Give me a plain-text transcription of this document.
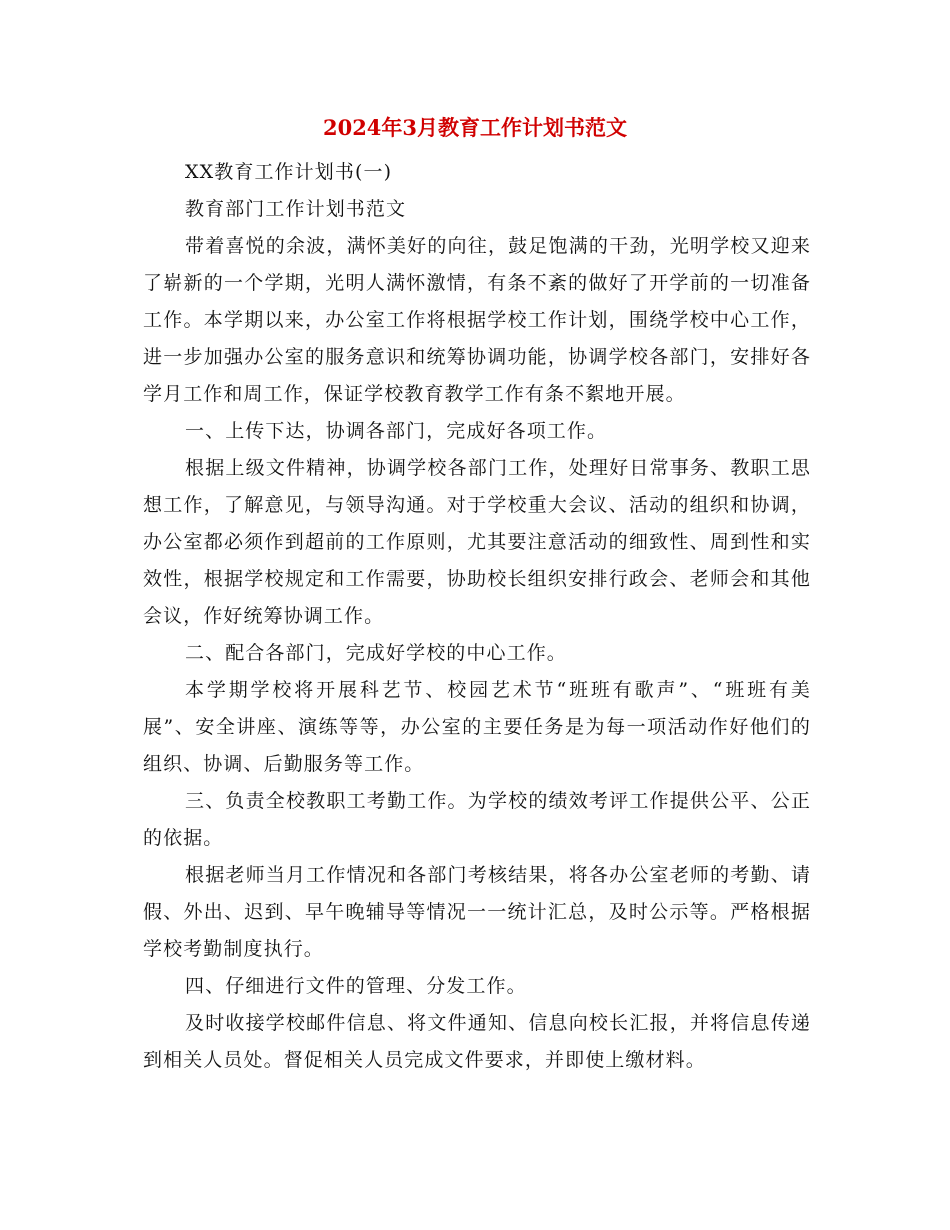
2024年3月教育工作计划书范文

XX教育工作计划书(一)

教育部门工作计划书范文

带着喜悦的余波，满怀美好的向往，鼓足饱满的干劲，光明学校又迎来了崭新的一个学期，光明人满怀激情，有条不紊的做好了开学前的一切准备工作。本学期以来，办公室工作将根据学校工作计划，围绕学校中心工作，进一步加强办公室的服务意识和统筹协调功能，协调学校各部门，安排好各学月工作和周工作，保证学校教育教学工作有条不絮地开展。

一、上传下达，协调各部门，完成好各项工作。

根据上级文件精神，协调学校各部门工作，处理好日常事务、教职工思想工作，了解意见，与领导沟通。对于学校重大会议、活动的组织和协调，办公室都必须作到超前的工作原则，尤其要注意活动的细致性、周到性和实效性，根据学校规定和工作需要，协助校长组织安排行政会、老师会和其他会议，作好统筹协调工作。

二、配合各部门，完成好学校的中心工作。

本学期学校将开展科艺节、校园艺术节“班班有歌声”、“班班有美展”、安全讲座、演练等等，办公室的主要任务是为每一项活动作好他们的组织、协调、后勤服务等工作。

三、负责全校教职工考勤工作。为学校的绩效考评工作提供公平、公正的依据。

根据老师当月工作情况和各部门考核结果，将各办公室老师的考勤、请假、外出、迟到、早午晚辅导等情况一一统计汇总，及时公示等。严格根据学校考勤制度执行。

四、仔细进行文件的管理、分发工作。

及时收接学校邮件信息、将文件通知、信息向校长汇报，并将信息传递到相关人员处。督促相关人员完成文件要求，并即使上缴材料。
